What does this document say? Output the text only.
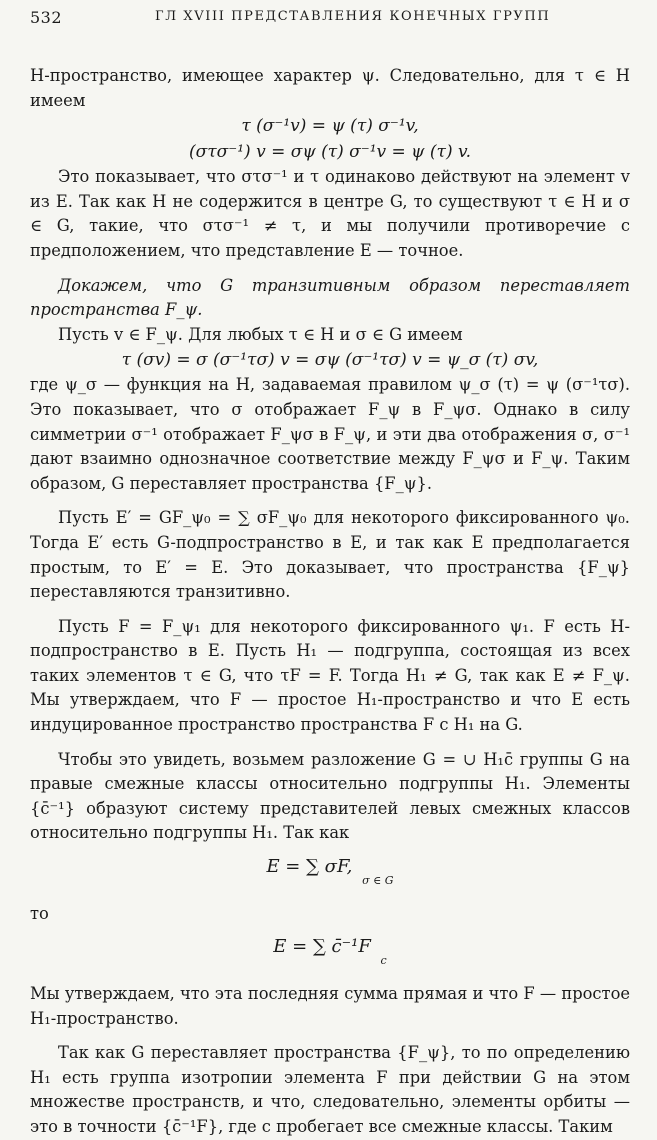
532	ГЛ XVIII ПРЕДСТАВЛЕНИЯ КОНЕЧНЫХ ГРУПП

H-пространство, имеющее характер ψ. Следовательно, для τ ∈ H имеем

τ (σ⁻¹v) = ψ (τ) σ⁻¹v,
(στσ⁻¹) v = σψ (τ) σ⁻¹v = ψ (τ) v.

Это показывает, что στσ⁻¹ и τ одинаково действуют на элемент v из E. Так как H не содержится в центре G, то существуют τ ∈ H и σ ∈ G, такие, что στσ⁻¹ ≠ τ, и мы получили противоречие с предположением, что представление E — точное.

Докажем, что G транзитивным образом переставляет пространства F_ψ.

Пусть v ∈ F_ψ. Для любых τ ∈ H и σ ∈ G имеем

τ (σv) = σ (σ⁻¹τσ) v = σψ (σ⁻¹τσ) v = ψ_σ (τ) σv,

где ψ_σ — функция на H, задаваемая правилом ψ_σ (τ) = ψ (σ⁻¹τσ). Это показывает, что σ отображает F_ψ в F_ψσ. Однако в силу симметрии σ⁻¹ отображает F_ψσ в F_ψ, и эти два отображения σ, σ⁻¹ дают взаимно однозначное соответствие между F_ψσ и F_ψ. Таким образом, G переставляет пространства {F_ψ}.

Пусть E′ = GF_ψ₀ = ∑ σF_ψ₀ для некоторого фиксированного ψ₀. Тогда E′ есть G-подпространство в E, и так как E предполагается простым, то E′ = E. Это доказывает, что пространства {F_ψ} переставляются транзитивно.

Пусть F = F_ψ₁ для некоторого фиксированного ψ₁. F есть H-подпространство в E. Пусть H₁ — подгруппа, состоящая из всех таких элементов τ ∈ G, что τF = F. Тогда H₁ ≠ G, так как E ≠ F_ψ. Мы утверждаем, что F — простое H₁-пространство и что E есть индуцированное пространство пространства F с H₁ на G.

Чтобы это увидеть, возьмем разложение G = ∪ H₁c̄ группы G на правые смежные классы относительно подгруппы H₁. Элементы {c̄⁻¹} образуют систему представителей левых смежных классов относительно подгруппы H₁. Так как

E = ∑ σF, $_{\sigma \in G}$

то

E = ∑ c̄⁻¹F $_c$

Мы утверждаем, что эта последняя сумма прямая и что F — простое H₁-пространство.

Так как G переставляет пространства {F_ψ}, то по определению H₁ есть группа изотропии элемента F при действии G на этом множестве пространств, и что, следовательно, элементы орбиты — это в точности {c̄⁻¹F}, где c пробегает все смежные классы. Таким
